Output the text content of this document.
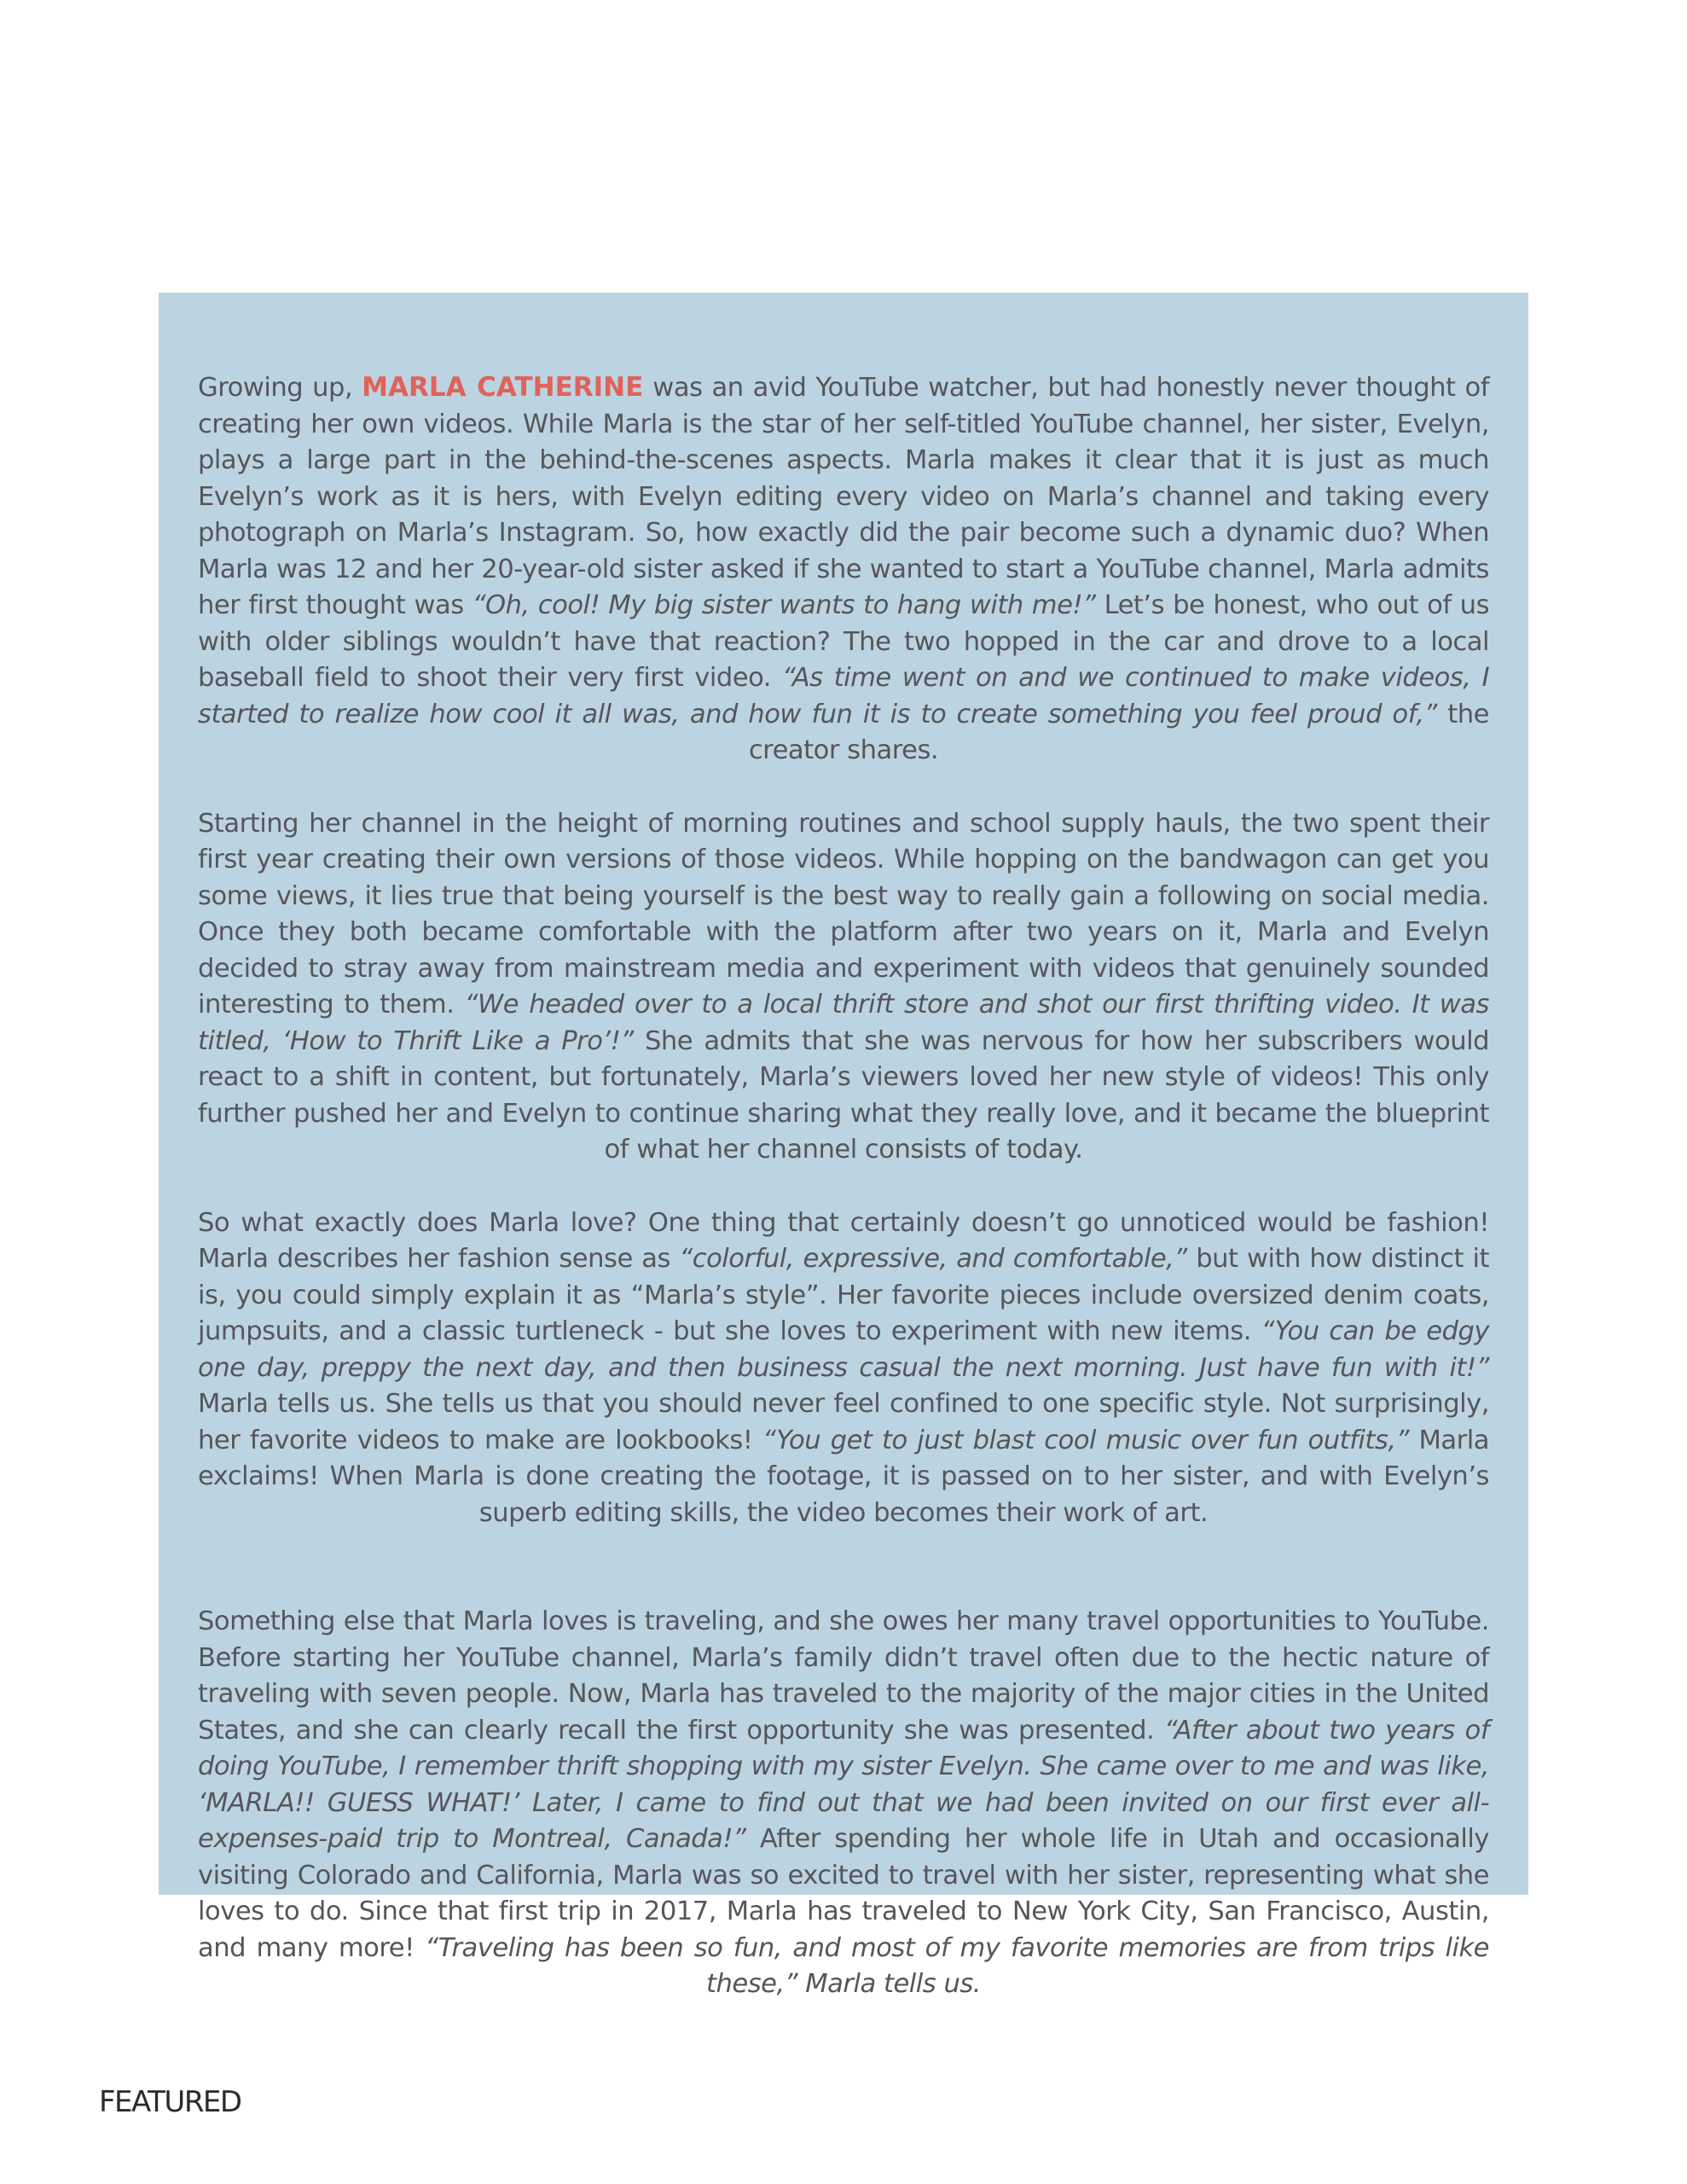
Growing up, MARLA CATHERINE was an avid YouTube watcher, but had honestly never thought of creating her own videos. While Marla is the star of her self-titled YouTube channel, her sister, Evelyn, plays a large part in the behind-the-scenes aspects. Marla makes it clear that it is just as much Evelyn’s work as it is hers, with Evelyn editing every video on Marla’s channel and taking every photograph on Marla’s Instagram. So, how exactly did the pair become such a dynamic duo? When Marla was 12 and her 20-year-old sister asked if she wanted to start a YouTube channel, Marla admits her first thought was “Oh, cool! My big sister wants to hang with me!” Let’s be honest, who out of us with older siblings wouldn’t have that reaction? The two hopped in the car and drove to a local baseball field to shoot their very first video. “As time went on and we continued to make videos, I started to realize how cool it all was, and how fun it is to create something you feel proud of,” the creator shares.

Starting her channel in the height of morning routines and school supply hauls, the two spent their first year creating their own versions of those videos. While hopping on the bandwagon can get you some views, it lies true that being yourself is the best way to really gain a following on social media. Once they both became comfortable with the platform after two years on it, Marla and Evelyn decided to stray away from mainstream media and experiment with videos that genuinely sounded interesting to them. “We headed over to a local thrift store and shot our first thrifting video. It was titled, ‘How to Thrift Like a Pro’!” She admits that she was nervous for how her subscribers would react to a shift in content, but fortunately, Marla’s viewers loved her new style of videos! This only further pushed her and Evelyn to continue sharing what they really love, and it became the blueprint of what her channel consists of today.

So what exactly does Marla love? One thing that certainly doesn’t go unnoticed would be fashion! Marla describes her fashion sense as “colorful, expressive, and comfortable,” but with how distinct it is, you could simply explain it as “Marla’s style”. Her favorite pieces include oversized denim coats, jumpsuits, and a classic turtleneck - but she loves to experiment with new items. “You can be edgy one day, preppy the next day, and then business casual the next morning. Just have fun with it!” Marla tells us. She tells us that you should never feel confined to one specific style. Not surprisingly, her favorite videos to make are lookbooks! “You get to just blast cool music over fun outfits,” Marla exclaims! When Marla is done creating the footage, it is passed on to her sister, and with Evelyn’s superb editing skills, the video becomes their work of art.

Something else that Marla loves is traveling, and she owes her many travel opportunities to YouTube. Before starting her YouTube channel, Marla’s family didn’t travel often due to the hectic nature of traveling with seven people. Now, Marla has traveled to the majority of the major cities in the United States, and she can clearly recall the first opportunity she was presented. “After about two years of doing YouTube, I remember thrift shopping with my sister Evelyn. She came over to me and was like, ‘MARLA!! GUESS WHAT!’ Later, I came to find out that we had been invited on our first ever all-expenses-paid trip to Montreal, Canada!” After spending her whole life in Utah and occasionally visiting Colorado and California, Marla was so excited to travel with her sister, representing what she loves to do. Since that first trip in 2017, Marla has traveled to New York City, San Francisco, Austin, and many more! “Traveling has been so fun, and most of my favorite memories are from trips like these,” Marla tells us.

FEATURED
